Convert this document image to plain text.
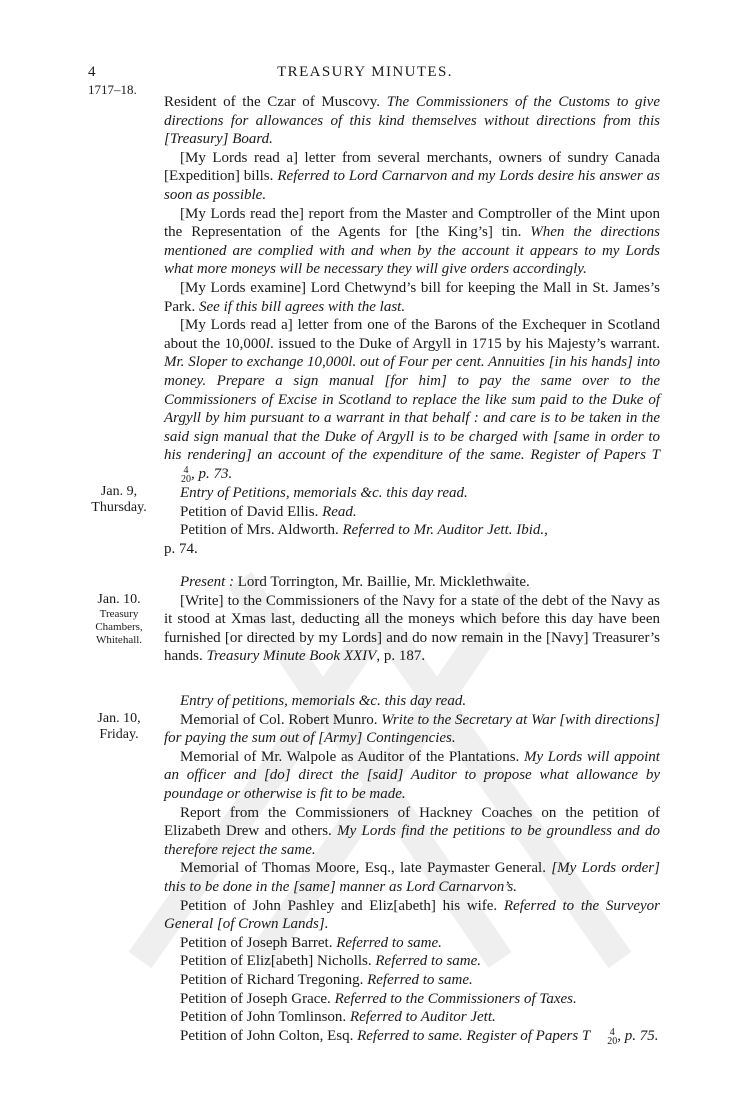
4	TREASURY MINUTES.
1717–18.

Resident of the Czar of Muscovy. The Commissioners of the Customs to give directions for allowances of this kind themselves without directions from this [Treasury] Board.

[My Lords read a] letter from several merchants, owners of sundry Canada [Expedition] bills. Referred to Lord Carnarvon and my Lords desire his answer as soon as possible.

[My Lords read the] report from the Master and Comptroller of the Mint upon the Representation of the Agents for [the King’s] tin. When the directions mentioned are complied with and when by the account it appears to my Lords what more moneys will be necessary they will give orders accordingly.

[My Lords examine] Lord Chetwynd’s bill for keeping the Mall in St. James’s Park. See if this bill agrees with the last.

[My Lords read a] letter from one of the Barons of the Exchequer in Scotland about the 10,000l. issued to the Duke of Argyll in 1715 by his Majesty’s warrant. Mr. Sloper to exchange 10,000l. out of Four per cent. Annuities [in his hands] into money. Prepare a sign manual [for him] to pay the same over to the Commissioners of Excise in Scotland to replace the like sum paid to the Duke of Argyll by him pursuant to a warrant in that behalf : and care is to be taken in the said sign manual that the Duke of Argyll is to be charged with [same in order to his rendering] an account of the expenditure of the same. Register of Papers T
4
20 , p. 73.

Jan. 9,
Thursday.

Entry of Petitions, memorials &c. this day read.

Petition of David Ellis. Read.

Petition of Mrs. Aldworth. Referred to Mr. Auditor Jett. Ibid.,

p. 74.

Jan. 10.
Treasury
Chambers,
Whitehall.

Present : Lord Torrington, Mr. Baillie, Mr. Micklethwaite.

[Write] to the Commissioners of the Navy for a state of the debt of the Navy as it stood at Xmas last, deducting all the moneys which before this day have been furnished [or directed by my Lords] and do now remain in the [Navy] Treasurer’s hands. Treasury Minute Book XXIV, p. 187.

Jan. 10,
Friday.

Entry of petitions, memorials &c. this day read.

Memorial of Col. Robert Munro. Write to the Secretary at War [with directions] for paying the sum out of [Army] Contingencies.

Memorial of Mr. Walpole as Auditor of the Plantations. My Lords will appoint an officer and [do] direct the [said] Auditor to propose what allowance by poundage or otherwise is fit to be made.

Report from the Commissioners of Hackney Coaches on the petition of Elizabeth Drew and others. My Lords find the petitions to be groundless and do therefore reject the same.

Memorial of Thomas Moore, Esq., late Paymaster General. [My Lords order] this to be done in the [same] manner as Lord Carnarvon’s.

Petition of John Pashley and Eliz[abeth] his wife. Referred to the Surveyor General [of Crown Lands].

Petition of Joseph Barret. Referred to same.

Petition of Eliz[abeth] Nicholls. Referred to same.

Petition of Richard Tregoning. Referred to same.

Petition of Joseph Grace. Referred to the Commissioners of Taxes.

Petition of John Tomlinson. Referred to Auditor Jett.

Petition of John Colton, Esq. Referred to same. Register of Papers T	4
20 , p. 75.
